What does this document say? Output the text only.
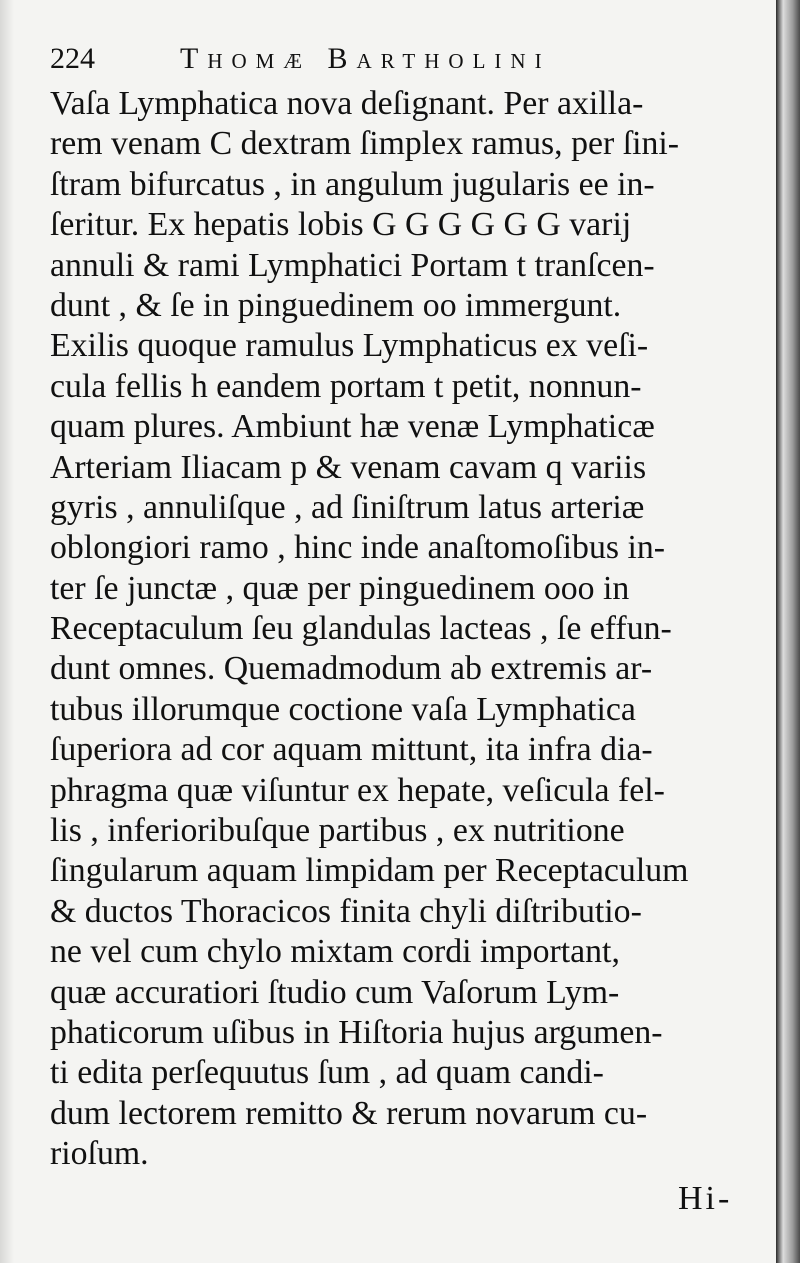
224	Thomæ Bartholini
Vaſa Lymphatica nova deſignant. Per axilla-
rem venam C dextram ſimplex ramus, per ſini-
ſtram bifurcatus , in angulum jugularis ee in-
ſeritur. Ex hepatis lobis G G G G G G varij
annuli & rami Lymphatici Portam t tranſcen-
dunt , & ſe in pinguedinem oo immergunt.
Exilis quoque ramulus Lymphaticus ex veſi-
cula fellis h eandem portam t petit, nonnun-
quam plures. Ambiunt hæ venæ Lymphaticæ
Arteriam Iliacam p & venam cavam q variis
gyris , annuliſque , ad ſiniſtrum latus arteriæ
oblongiori ramo , hinc inde anaſtomoſibus in-
ter ſe junctæ , quæ per pinguedinem ooo in
Receptaculum ſeu glandulas lacteas , ſe effun-
dunt omnes. Quemadmodum ab extremis ar-
tubus illorumque coctione vaſa Lymphatica
ſuperiora ad cor aquam mittunt, ita infra dia-
phragma quæ viſuntur ex hepate, veſicula fel-
lis , inferioribuſque partibus , ex nutritione
ſingularum aquam limpidam per Receptaculum
& ductos Thoracicos finita chyli diſtributio-
ne vel cum chylo mixtam cordi important,
quæ accuratiori ſtudio cum Vaſorum Lym-
phaticorum uſibus in Hiſtoria hujus argumen-
ti edita perſequutus ſum , ad quam candi-
dum lectorem remitto & rerum novarum cu-
rioſum.
Hi-
